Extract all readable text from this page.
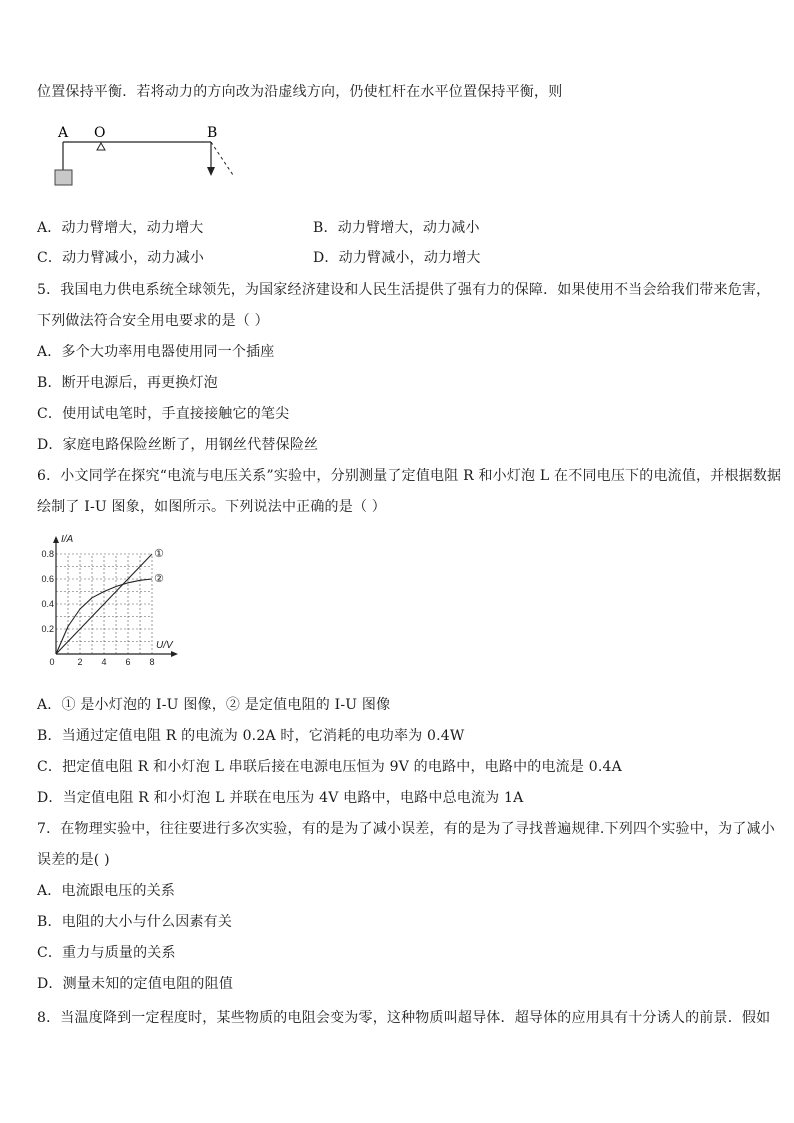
位置保持平衡．若将动力的方向改为沿虚线方向，仍使杠杆在水平位置保持平衡，则
A O	B
A．动力臂增大，动力增大	B．动力臂增大，动力减小
C．动力臂减小，动力减小	D．动力臂减小，动力增大
5．我国电力供电系统全球领先，为国家经济建设和人民生活提供了强有力的保障．如果使用不当会给我们带来危害，
下列做法符合安全用电要求的是（ ）
A．多个大功率用电器使用同一个插座
B．断开电源后，再更换灯泡
C．使用试电笔时，手直接接触它的笔尖
D．家庭电路保险丝断了，用钢丝代替保险丝
6．小文同学在探究“电流与电压关系”实验中，分别测量了定值电阻 R 和小灯泡 L 在不同电压下的电流值，并根据数据
绘制了 I-U 图象，如图所示。下列说法中正确的是（ ）
2 4 6 8
0.2
0.4
0.6
0.8
0
U/V
I/A
①
②
A．① 是小灯泡的 I-U 图像，② 是定值电阻的 I-U 图像
B．当通过定值电阻 R 的电流为 0.2A 时，它消耗的电功率为 0.4W
C．把定值电阻 R 和小灯泡 L 串联后接在电源电压恒为 9V 的电路中，电路中的电流是 0.4A
D．当定值电阻 R 和小灯泡 L 并联在电压为 4V 电路中，电路中总电流为 1A
7．在物理实验中，往往要进行多次实验，有的是为了减小误差，有的是为了寻找普遍规律.下列四个实验中，为了减小
误差的是( )
A．电流跟电压的关系
B．电阻的大小与什么因素有关
C．重力与质量的关系
D．测量未知的定值电阻的阻值
8．当温度降到一定程度时，某些物质的电阻会变为零，这种物质叫超导体．超导体的应用具有十分诱人的前景．假如
